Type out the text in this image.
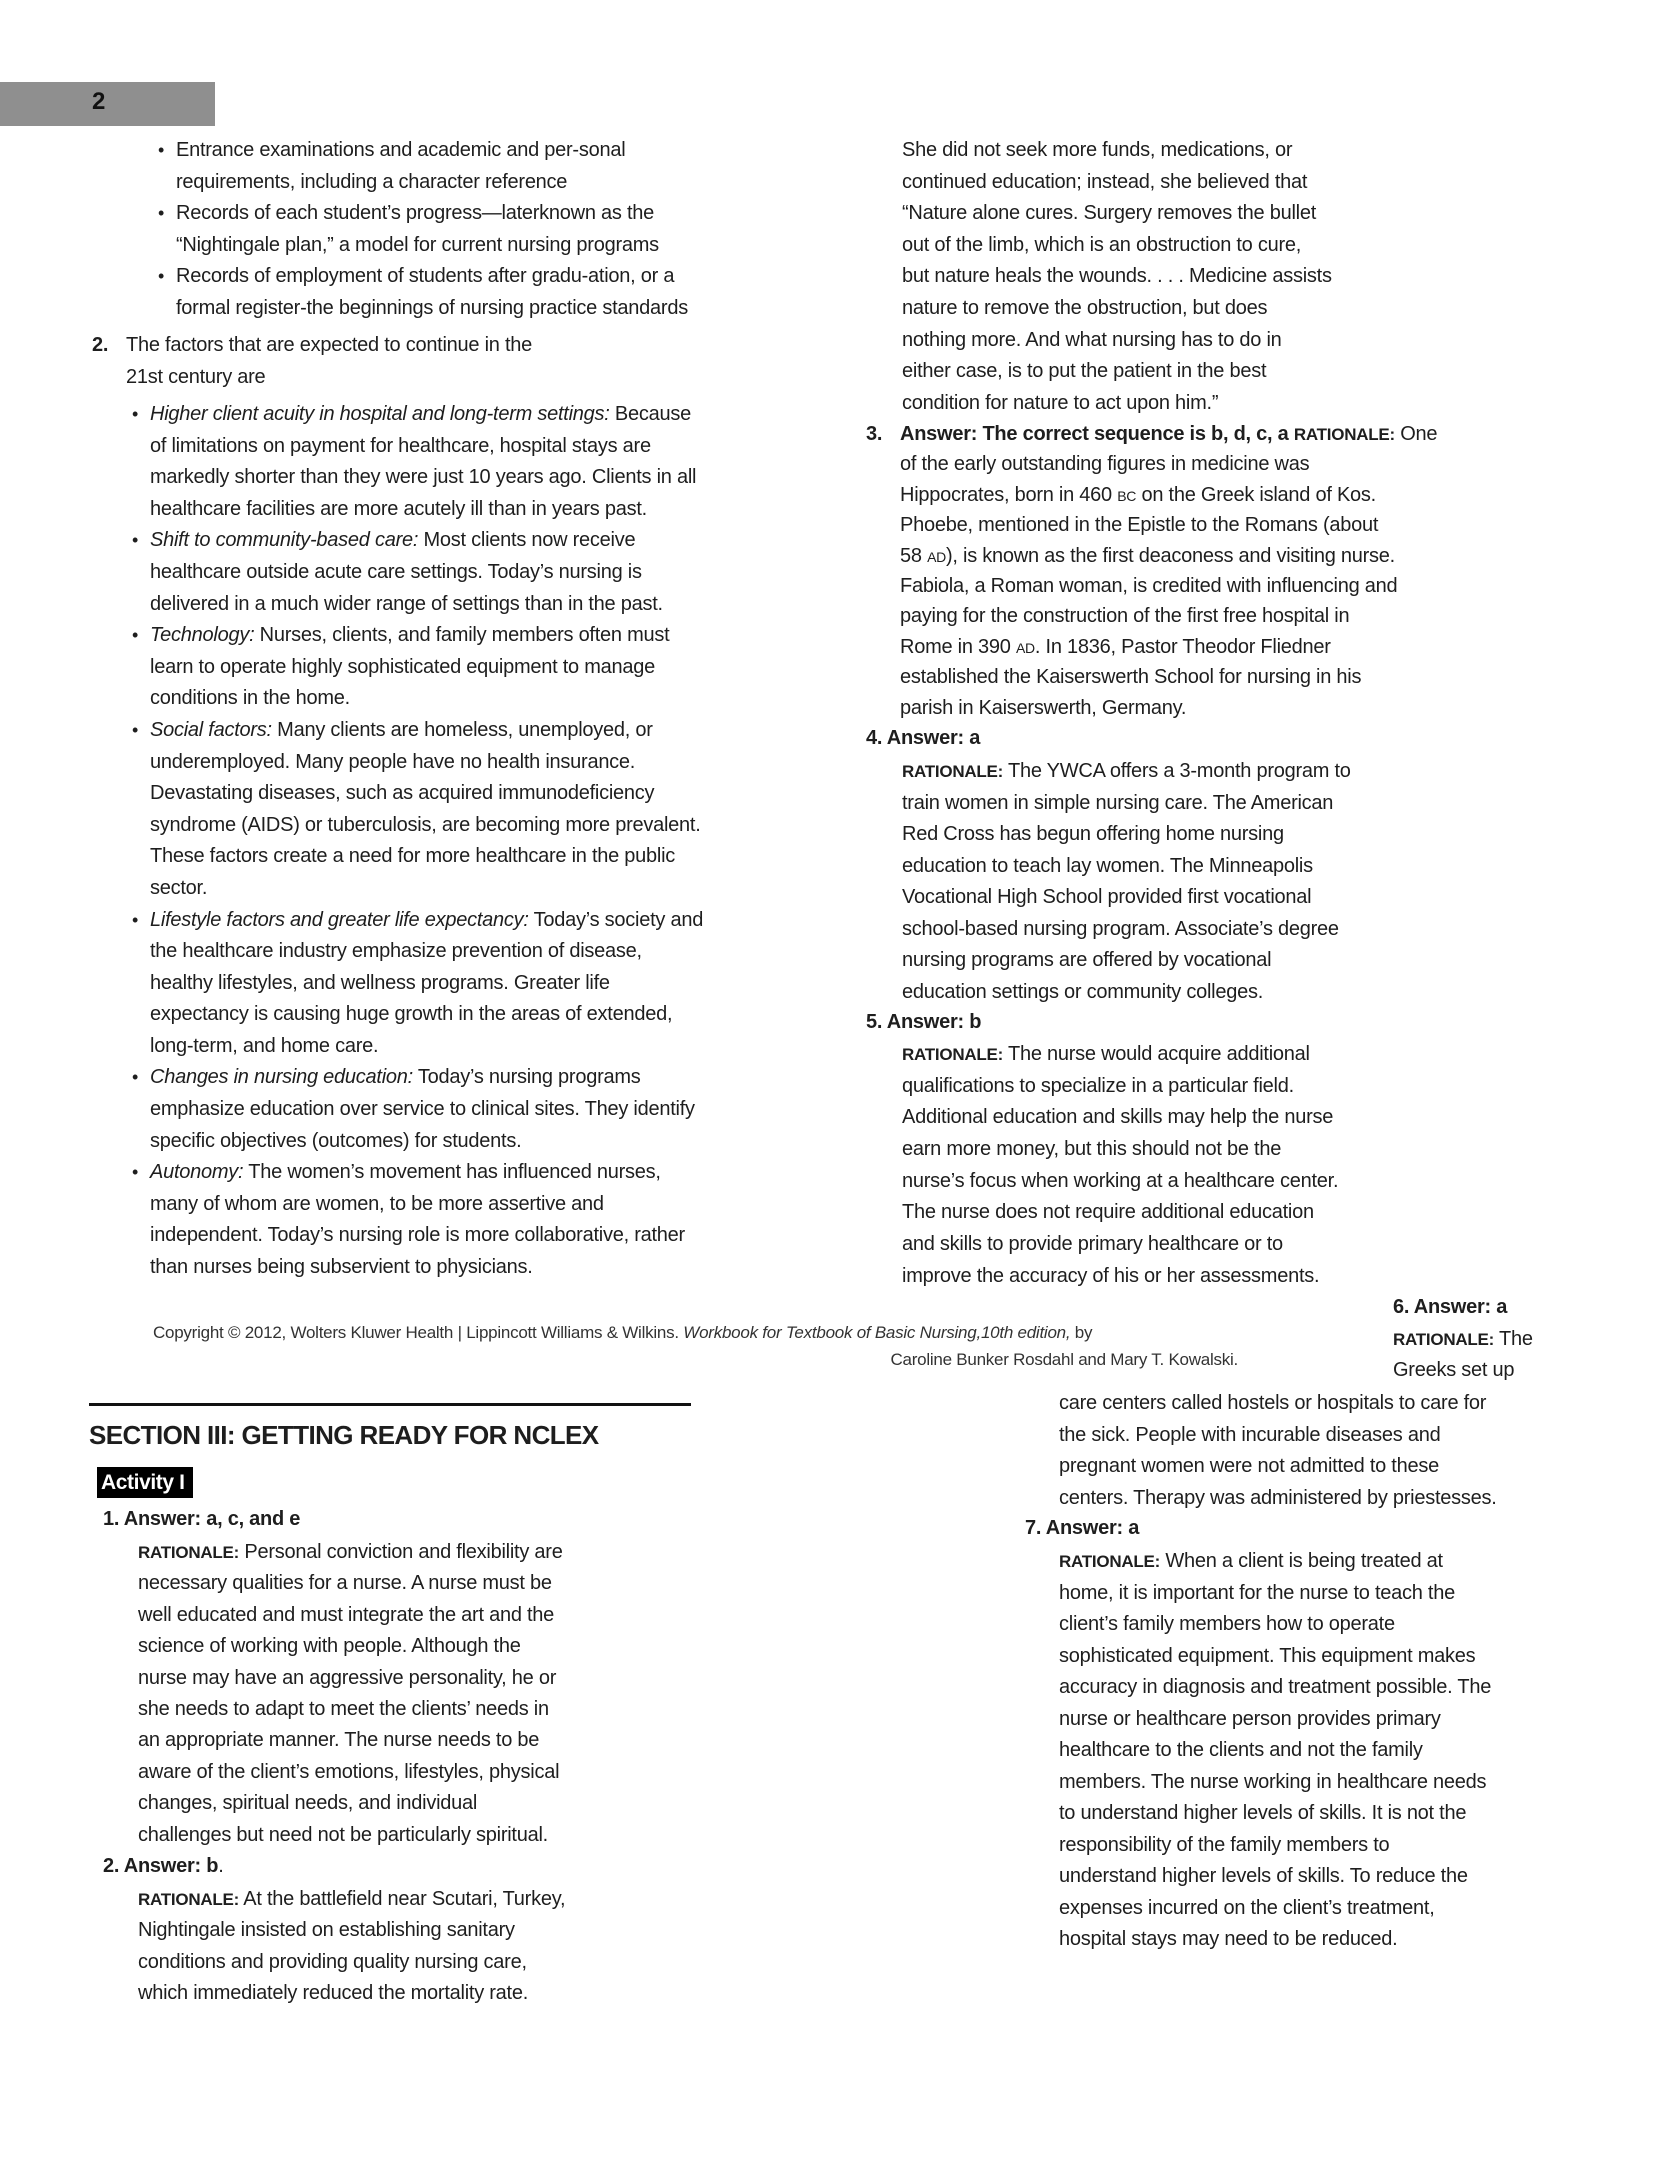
2
SECTION III: GETTING READY FOR NCLEX
Activity I
• Entrance examinations and academic and per-sonal
requirements, including a character reference
• Records of each student’s progress—laterknown as the
“Nightingale plan,” a model for current nursing programs
• Records of employment of students after gradu-ation, or a
formal register-the beginnings of nursing practice standards
2. The factors that are expected to continue in the
21st century are
• Higher client acuity in hospital and long-term settings: Because
of limitations on payment for healthcare, hospital stays are
markedly shorter than they were just 10 years ago. Clients in all
healthcare facilities are more acutely ill than in years past.
• Shift to community-based care: Most clients now receive
healthcare outside acute care settings. Today’s nursing is
delivered in a much wider range of settings than in the past.
• Technology: Nurses, clients, and family members often must
learn to operate highly sophisticated equipment to manage
conditions in the home.
• Social factors: Many clients are homeless, unemployed, or
underemployed. Many people have no health insurance.
Devastating diseases, such as acquired immunodeficiency
syndrome (AIDS) or tuberculosis, are becoming more prevalent.
These factors create a need for more healthcare in the public
sector.
• Lifestyle factors and greater life expectancy: Today’s society and
the healthcare industry emphasize prevention of disease,
healthy lifestyles, and wellness programs. Greater life
expectancy is causing huge growth in the areas of extended,
long-term, and home care.
• Changes in nursing education: Today’s nursing programs
emphasize education over service to clinical sites. They identify
specific objectives (outcomes) for students.
• Autonomy: The women’s movement has influenced nurses,
many of whom are women, to be more assertive and
independent. Today’s nursing role is more collaborative, rather
than nurses being subservient to physicians.
She did not seek more funds, medications, or
continued education; instead, she believed that
“Nature alone cures. Surgery removes the bullet
out of the limb, which is an obstruction to cure,
but nature heals the wounds. . . . Medicine assists
nature to remove the obstruction, but does
nothing more. And what nursing has to do in
either case, is to put the patient in the best
condition for nature to act upon him.”
3. Answer: The correct sequence is b, d, c, a RATIONALE: One
of the early outstanding figures in medicine was
Hippocrates, born in 460 BC on the Greek island of Kos.
Phoebe, mentioned in the Epistle to the Romans (about
58 AD), is known as the first deaconess and visiting nurse.
Fabiola, a Roman woman, is credited with influencing and
paying for the construction of the first free hospital in
Rome in 390 AD. In 1836, Pastor Theodor Fliedner
established the Kaiserswerth School for nursing in his
parish in Kaiserswerth, Germany.
4. Answer: a
RATIONALE: The YWCA offers a 3-month program to
train women in simple nursing care. The American
Red Cross has begun offering home nursing
education to teach lay women. The Minneapolis
Vocational High School provided first vocational
school-based nursing program. Associate’s degree
nursing programs are offered by vocational
education settings or community colleges.
5. Answer: b
RATIONALE: The nurse would acquire additional
qualifications to specialize in a particular field.
Additional education and skills may help the nurse
earn more money, but this should not be the
nurse’s focus when working at a healthcare center.
The nurse does not require additional education
and skills to provide primary healthcare or to
improve the accuracy of his or her assessments.
6. Answer: a
RATIONALE: The
Greeks set up
care centers called hostels or hospitals to care for
the sick. People with incurable diseases and
pregnant women were not admitted to these
centers. Therapy was administered by priestesses.
7. Answer: a
RATIONALE: When a client is being treated at
home, it is important for the nurse to teach the
client’s family members how to operate
sophisticated equipment. This equipment makes
accuracy in diagnosis and treatment possible. The
nurse or healthcare person provides primary
healthcare to the clients and not the family
members. The nurse working in healthcare needs
to understand higher levels of skills. It is not the
responsibility of the family members to
understand higher levels of skills. To reduce the
expenses incurred on the client’s treatment,
hospital stays may need to be reduced.
Copyright © 2012, Wolters Kluwer Health | Lippincott Williams & Wilkins. Workbook for Textbook of Basic Nursing,10th edition, by
Caroline Bunker Rosdahl and Mary T. Kowalski.
1. Answer: a, c, and e
RATIONALE: Personal conviction and flexibility are
necessary qualities for a nurse. A nurse must be
well educated and must integrate the art and the
science of working with people. Although the
nurse may have an aggressive personality, he or
she needs to adapt to meet the clients’ needs in
an appropriate manner. The nurse needs to be
aware of the client’s emotions, lifestyles, physical
changes, spiritual needs, and individual
challenges but need not be particularly spiritual.
2. Answer: b.
RATIONALE: At the battlefield near Scutari, Turkey,
Nightingale insisted on establishing sanitary
conditions and providing quality nursing care,
which immediately reduced the mortality rate.
